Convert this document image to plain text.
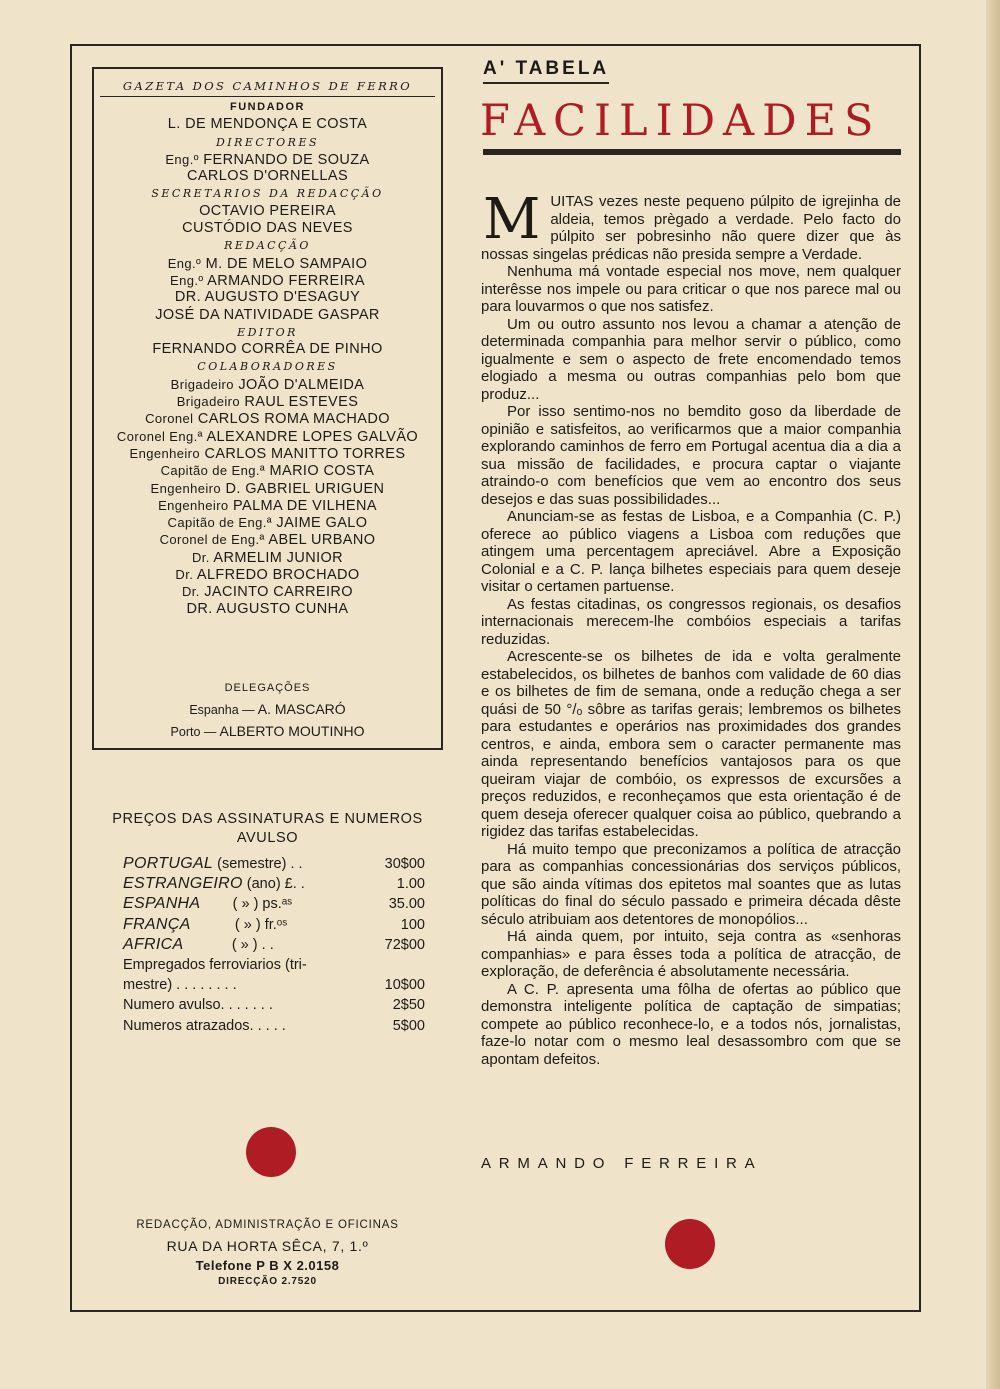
GAZETA DOS CAMINHOS DE FERRO
FUNDADOR
L. DE MENDONÇA E COSTA
DIRECTORES
Eng.º FERNANDO DE SOUZA
CARLOS D'ORNELLAS
SECRETARIOS DA REDACÇÃO
OCTAVIO PEREIRA
CUSTÓDIO DAS NEVES
REDACÇÃO
Eng.º M. DE MELO SAMPAIO
Eng.º ARMANDO FERREIRA
DR. AUGUSTO D'ESAGUY
JOSÉ DA NATIVIDADE GASPAR
EDITOR
FERNANDO CORRÊA DE PINHO
COLABORADORES
Brigadeiro JOÃO D'ALMEIDA
Brigadeiro RAUL ESTEVES
Coronel CARLOS ROMA MACHADO
Coronel Eng.ª ALEXANDRE LOPES GALVÃO
Engenheiro CARLOS MANITTO TORRES
Capitão de Eng.ª MARIO COSTA
Engenheiro D. GABRIEL URIGUEN
Engenheiro PALMA DE VILHENA
Capitão de Eng.ª JAIME GALO
Coronel de Eng.ª ABEL URBANO
Dr. ARMELIM JUNIOR
Dr. ALFREDO BROCHADO
Dr. JACINTO CARREIRO
DR. AUGUSTO CUNHA
DELEGAÇÕES
Espanha — A. MASCARÓ
Porto — ALBERTO MOUTINHO
PREÇOS DAS ASSINATURAS E NUMEROS
AVULSO
PORTUGAL (semestre) . .	30$00
ESTRANGEIRO (ano) £. .	1.00
ESPANHA        ( » ) ps.ᵃˢ	35.00
FRANÇA           ( » ) fr.ᵒˢ	100
AFRICA            ( » ) . .	72$00
Empregados ferroviarios (tri-
mestre) . . . . . . . .	10$00
Numero avulso. . . . . . .	2$50
Numeros atrazados. . . . .	5$00
REDACÇÃO, ADMINISTRAÇÃO E OFICINAS
RUA DA HORTA SÊCA, 7, 1.º
Telefone P B X 2.0158
DIRECÇÃO 2.7520
A' TABELA
FACILIDADES

MUITAS vezes neste pequeno púlpito de igrejinha de aldeia, temos prègado a verdade. Pelo facto do púlpito ser pobresinho não quere dizer que às nossas singelas prédicas não presida sempre a Verdade.

Nenhuma má vontade especial nos move, nem qualquer interêsse nos impele ou para criticar o que nos parece mal ou para louvarmos o que nos satisfez.

Um ou outro assunto nos levou a chamar a atenção de determinada companhia para melhor servir o público, como igualmente e sem o aspecto de frete encomendado temos elogiado a mesma ou outras companhias pelo bom que produz...

Por isso sentimo-nos no bemdito goso da liberdade de opinião e satisfeitos, ao verificarmos que a maior companhia explorando caminhos de ferro em Portugal acentua dia a dia a sua missão de facilidades, e procura captar o viajante atraindo-o com benefícios que vem ao encontro dos seus desejos e das suas possibilidades...

Anunciam-se as festas de Lisboa, e a Companhia (C. P.) oferece ao público viagens a Lisboa com reduções que atingem uma percentagem apreciável. Abre a Exposição Colonial e a C. P. lança bilhetes especiais para quem deseje visitar o certamen partuense.

As festas citadinas, os congressos regionais, os desafios internacionais merecem-lhe combóios especiais a tarifas reduzidas.

Acrescente-se os bilhetes de ida e volta geralmente estabelecidos, os bilhetes de banhos com validade de 60 dias e os bilhetes de fim de semana, onde a redução chega a ser quási de 50 °/ₒ sôbre as tarifas gerais; lembremos os bilhetes para estudantes e operários nas proximidades dos grandes centros, e ainda, embora sem o caracter permanente mas ainda representando benefícios vantajosos para os que queiram viajar de combóio, os expressos de excursões a preços reduzidos, e reconheçamos que esta orientação é de quem deseja oferecer qualquer coisa ao público, quebrando a rigidez das tarifas estabelecidas.

Há muito tempo que preconizamos a política de atracção para as companhias concessionárias dos serviços públicos, que são ainda vítimas dos epitetos mal soantes que as lutas políticas do final do século passado e primeira década dêste século atribuiam aos detentores de monopólios...

Há ainda quem, por intuito, seja contra as «senhoras companhias» e para êsses toda a política de atracção, de exploração, de deferência é absolutamente necessária.

A C. P. apresenta uma fôlha de ofertas ao público que demonstra inteligente política de captação de simpatias; compete ao público reconhece-lo, e a todos nós, jornalistas, faze-lo notar com o mesmo leal desassombro com que se apontam defeitos.

ARMANDO FERREIRA
